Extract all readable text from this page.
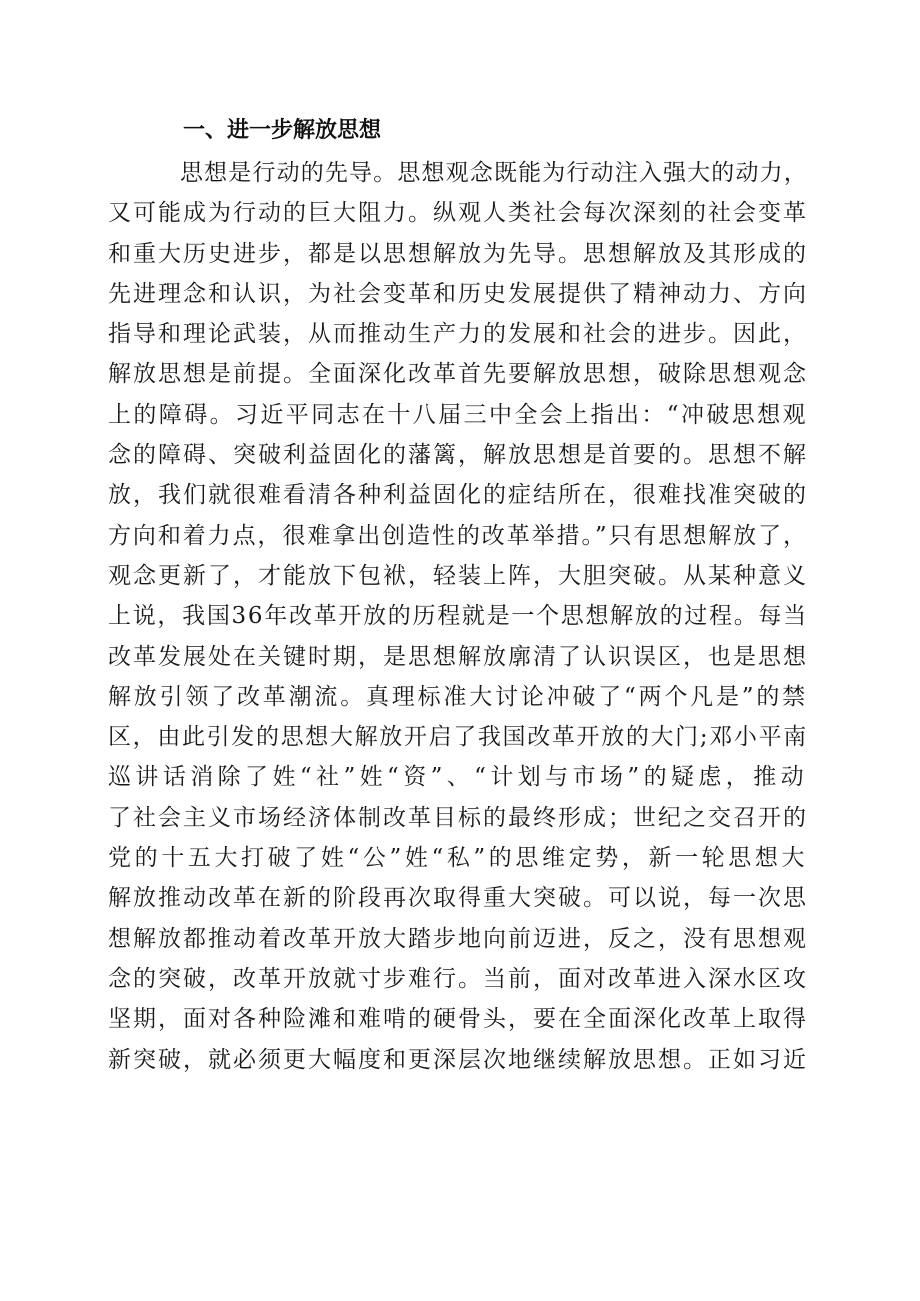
一、进一步解放思想
思想是行动的先导。思想观念既能为行动注入强大的动力，
又可能成为行动的巨大阻力。纵观人类社会每次深刻的社会变革
和重大历史进步，都是以思想解放为先导。思想解放及其形成的
先进理念和认识，为社会变革和历史发展提供了精神动力、方向
指导和理论武装，从而推动生产力的发展和社会的进步。因此，
解放思想是前提。全面深化改革首先要解放思想，破除思想观念
上的障碍。习近平同志在十八届三中全会上指出：“冲破思想观
念的障碍、突破利益固化的藩篱，解放思想是首要的。思想不解
放，我们就很难看清各种利益固化的症结所在，很难找准突破的
方向和着力点，很难拿出创造性的改革举措。”只有思想解放了，
观念更新了，才能放下包袱，轻装上阵，大胆突破。从某种意义
上说，我国36年改革开放的历程就是一个思想解放的过程。每当
改革发展处在关键时期，是思想解放廓清了认识误区，也是思想
解放引领了改革潮流。真理标准大讨论冲破了“两个凡是”的禁
区，由此引发的思想大解放开启了我国改革开放的大门;邓小平南
巡讲话消除了姓“社”姓“资”、“计划与市场”的疑虑，推动
了社会主义市场经济体制改革目标的最终形成；世纪之交召开的
党的十五大打破了姓“公”姓“私”的思维定势，新一轮思想大
解放推动改革在新的阶段再次取得重大突破。可以说，每一次思
想解放都推动着改革开放大踏步地向前迈进，反之，没有思想观
念的突破，改革开放就寸步难行。当前，面对改革进入深水区攻
坚期，面对各种险滩和难啃的硬骨头，要在全面深化改革上取得
新突破，就必须更大幅度和更深层次地继续解放思想。正如习近
